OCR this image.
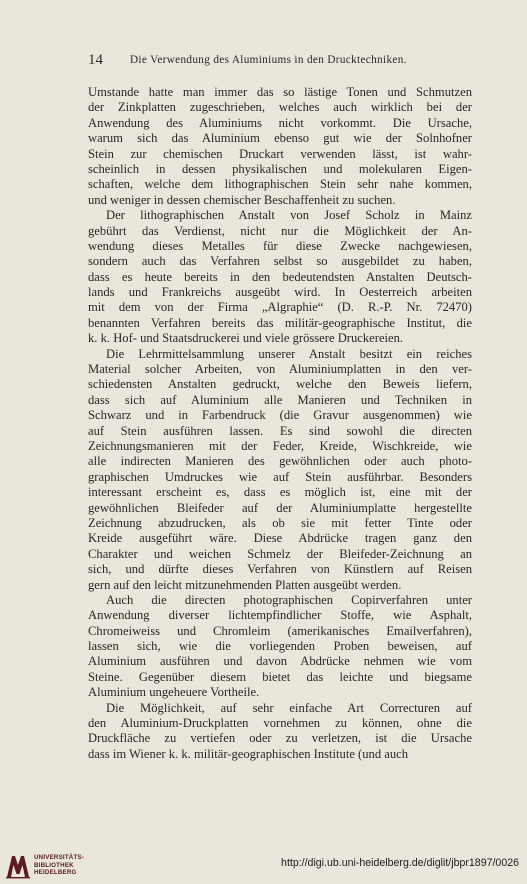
14 Die Verwendung des Aluminiums in den Drucktechniken.
Umstande hatte man immer das so lästige Tonen und Schmutzen
der Zinkplatten zugeschrieben, welches auch wirklich bei der
Anwendung des Aluminiums nicht vorkommt. Die Ursache,
warum sich das Aluminium ebenso gut wie der Solnhofner
Stein zur chemischen Druckart verwenden lässt, ist wahr-
scheinlich in dessen physikalischen und molekularen Eigen-
schaften, welche dem lithographischen Stein sehr nahe kommen,
und weniger in dessen chemischer Beschaffenheit zu suchen.
Der lithographischen Anstalt von Josef Scholz in Mainz
gebührt das Verdienst, nicht nur die Möglichkeit der An-
wendung dieses Metalles für diese Zwecke nachgewiesen,
sondern auch das Verfahren selbst so ausgebildet zu haben,
dass es heute bereits in den bedeutendsten Anstalten Deutsch-
lands und Frankreichs ausgeübt wird. In Oesterreich arbeiten
mit dem von der Firma „Algraphie“ (D. R.-P. Nr. 72470)
benannten Verfahren bereits das militär-geographische Institut, die
k. k. Hof- und Staatsdruckerei und viele grössere Druckereien.
Die Lehrmittelsammlung unserer Anstalt besitzt ein reiches
Material solcher Arbeiten, von Aluminiumplatten in den ver-
schiedensten Anstalten gedruckt, welche den Beweis liefern,
dass sich auf Aluminium alle Manieren und Techniken in
Schwarz und in Farbendruck (die Gravur ausgenommen) wie
auf Stein ausführen lassen. Es sind sowohl die directen
Zeichnungsmanieren mit der Feder, Kreide, Wischkreide, wie
alle indirecten Manieren des gewöhnlichen oder auch photo-
graphischen Umdruckes wie auf Stein ausführbar. Besonders
interessant erscheint es, dass es möglich ist, eine mit der
gewöhnlichen Bleifeder auf der Aluminiumplatte hergestellte
Zeichnung abzudrucken, als ob sie mit fetter Tinte oder
Kreide ausgeführt wäre. Diese Abdrücke tragen ganz den
Charakter und weichen Schmelz der Bleifeder-Zeichnung an
sich, und dürfte dieses Verfahren von Künstlern auf Reisen
gern auf den leicht mitzunehmenden Platten ausgeübt werden.
Auch die directen photographischen Copirverfahren unter
Anwendung diverser lichtempfindlicher Stoffe, wie Asphalt,
Chromeiweiss und Chromleim (amerikanisches Emailverfahren),
lassen sich, wie die vorliegenden Proben beweisen, auf
Aluminium ausführen und davon Abdrücke nehmen wie vom
Steine. Gegenüber diesem bietet das leichte und biegsame
Aluminium ungeheuere Vortheile.
Die Möglichkeit, auf sehr einfache Art Correcturen auf
den Aluminium-Druckplatten vornehmen zu können, ohne die
Druckfläche zu vertiefen oder zu verletzen, ist die Ursache
dass im Wiener k. k. militär-geographischen Institute (und auch
UNIVERSITÄTS-
BIBLIOTHEK
HEIDELBERG
http://digi.ub.uni-heidelberg.de/diglit/jbpr1897/0026
